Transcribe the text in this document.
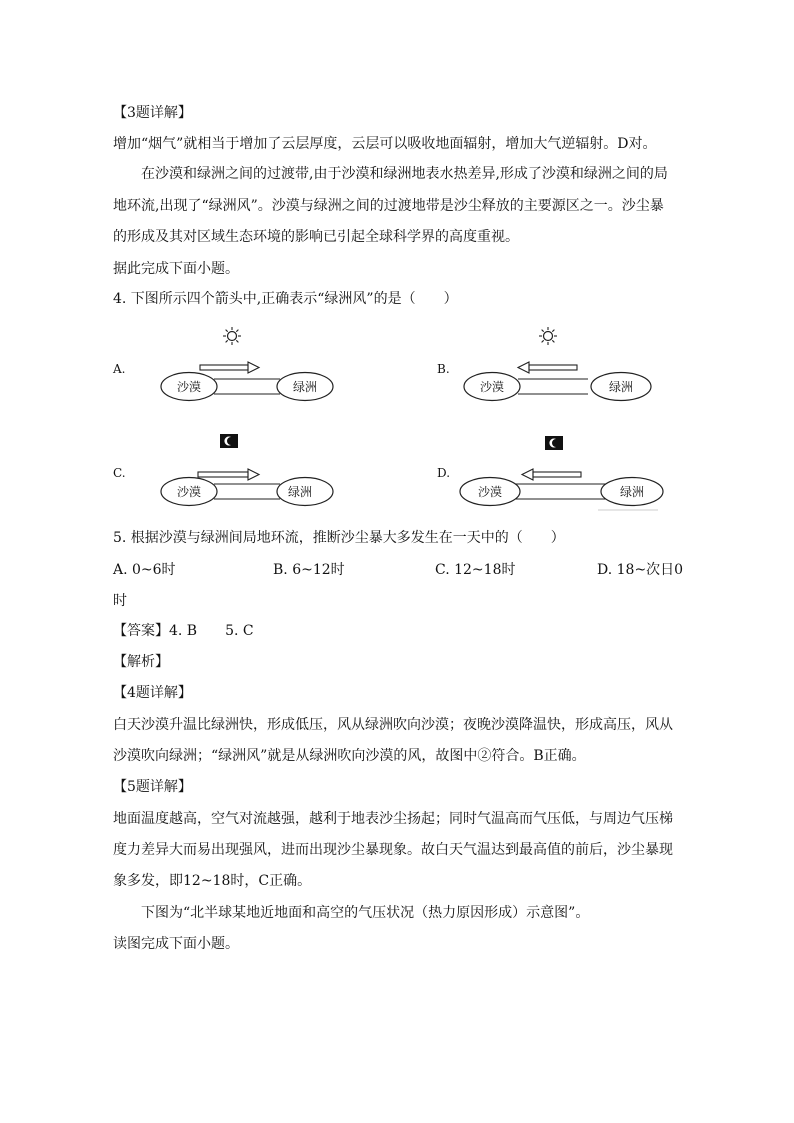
【3题详解】
增加“烟气”就相当于增加了云层厚度，云层可以吸收地面辐射，增加大气逆辐射。D对。
在沙漠和绿洲之间的过渡带,由于沙漠和绿洲地表水热差异,形成了沙漠和绿洲之间的局
地环流,出现了“绿洲风”。沙漠与绿洲之间的过渡地带是沙尘释放的主要源区之一。沙尘暴
的形成及其对区域生态环境的影响已引起全球科学界的高度重视。
据此完成下面小题。
4. 下图所示四个箭头中,正确表示“绿洲风”的是（　　）
A.
沙漠	绿洲
B.
沙漠	绿洲
C.
沙漠	绿洲
D.
沙漠	绿洲
5. 根据沙漠与绿洲间局地环流，推断沙尘暴大多发生在一天中的（　　）
A. 0~6时	B. 6~12时	C. 12~18时	D. 18~次日0
时
【答案】4. B　　5. C
【解析】
【4题详解】
白天沙漠升温比绿洲快，形成低压，风从绿洲吹向沙漠；夜晚沙漠降温快，形成高压，风从
沙漠吹向绿洲；“绿洲风”就是从绿洲吹向沙漠的风，故图中②符合。B正确。
【5题详解】
地面温度越高，空气对流越强，越利于地表沙尘扬起；同时气温高而气压低，与周边气压梯
度力差异大而易出现强风，进而出现沙尘暴现象。故白天气温达到最高值的前后，沙尘暴现
象多发，即12~18时，C正确。
下图为“北半球某地近地面和高空的气压状况（热力原因形成）示意图”。
读图完成下面小题。
